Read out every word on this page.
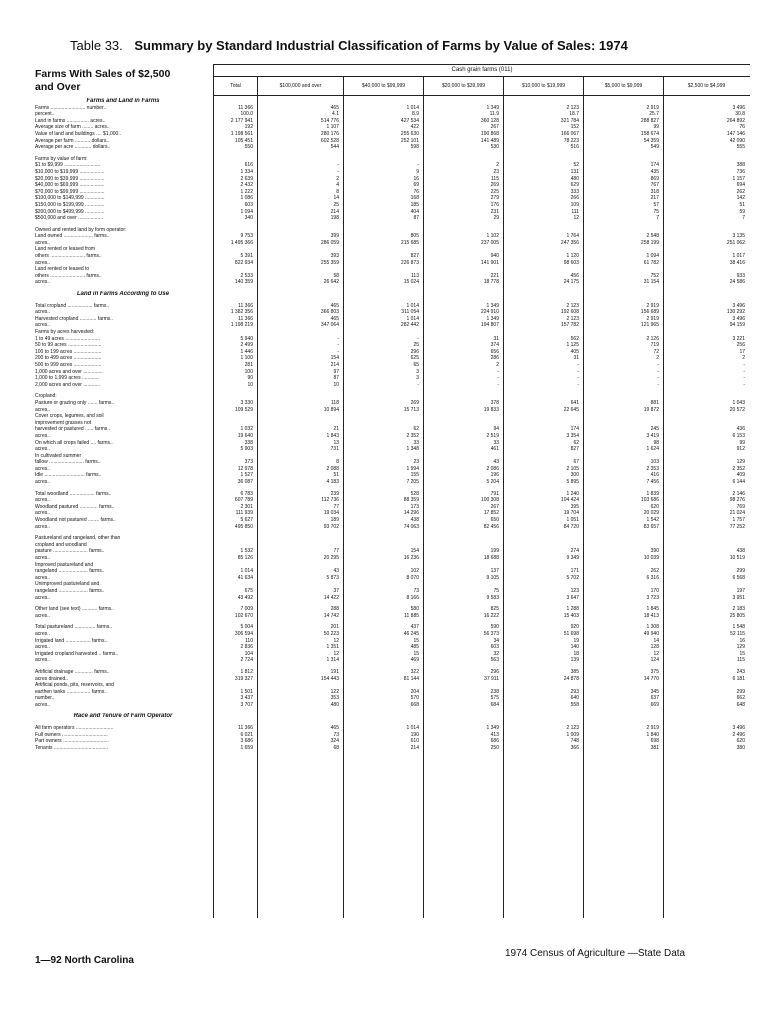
Table 33. Summary by Standard Industrial Classification of Farms by Value of Sales: 1974
Farms With Sales of $2,500 and Over
Cash grain farms (011)
Total	$100,000 and over	$40,000 to $99,999	$20,000 to $39,999	$10,000 to $19,999	$5,000 to $9,999	$2,500 to $4,999
Farms and Land in Farms
Farms ......................... number..	11 366	465	1 014	1 349	2 123	2 919	3 496
percent..	100.0	4.1	8.9	11.9	18.7	25.7	30.8
Land in farms ................ acres..	2 177 941	514 776	427 534	360 128	321 784	288 827	264 892
Average size of farm ........ acres..	192	1 107	422	267	152	99	76
Value of land and buildings .... $1,000..	1 198 561	280 176	255 630	190 868	166 067	158 674	147 146
Average per farm ........... dollars..	105 451	602 528	252 101	141 489	78 223	54 359	42 090
Average per acre ............ dollars..	550	544	598	530	516	549	555
Farms by value of farm:
$1 to $9,999 ..........................	616	-	-	2	52	174	388
$10,000 to $19,999 ..................	1 334	-	9	23	131	435	736
$20,000 to $39,999 ..................	2 639	2	16	115	480	869	1 157
$40,000 to $69,999 ..................	2 432	4	69	269	629	767	694
$70,000 to $99,999 ..................	1 222	8	76	225	333	318	262
$100,000 to $149,999 ..............	1 086	14	168	279	266	217	142
$150,000 to $199,999 ..............	603	25	185	176	109	57	51
$200,000 to $499,999 ..............	1 094	214	404	231	111	75	59
$500,000 and over ..................	340	198	87	29	12	7	7
Owned and rented land by form operator:
Land owned ..................... farms..	9 753	399	805	1 102	1 764	2 548	3 135
acres..	1 495 366	286 059	215 685	237 005	247 356	258 199	251 062
Land rented or leased from
others ......................... farms..	5 391	393	827	940	1 120	1 094	1 017
acres..	822 934	255 359	226 873	141 901	98 603	61 782	38 416
Land rented or leased to
others ......................... farms..	2 533	58	113	221	456	752	933
acres..	140 359	26 642	15 024	18 778	24 175	31 154	24 586
Land in Farms According to Use
Total cropland .................. farms..	11 366	465	1 014	1 349	2 123	2 919	3 496
acres..	1 382 356	366 803	311 054	224 910	192 608	156 689	130 292
Harvested cropland ............ farms..	11 366	465	1 014	1 349	2 123	2 919	3 496
acres..	1 198 219	347 064	282 442	194 807	157 782	121 965	94 159
Farms by acres harvested:
1 to 49 acres .........................	5 940	-	-	31	562	2 126	3 221
50 to 99 acres ........................	2 499	-	25	374	1 125	719	256
100 to 199 acres ....................	1 446	-	296	656	405	72	17
200 to 499 acres ....................	1 100	154	625	286	31	2	2
500 to 999 acres ....................	281	214	65	2	-	-	-
1,000 acres and over ..............	100	97	3	-	-	-	-
1,000 to 1,999 acres ............	90	87	3	-	-	-	-
2,000 acres and over ............	10	10	-	-	-	-	-
Cropland:
Pasture or grazing only ....... farms..	3 330	118	269	378	641	881	1 043
acres..	109 529	10 894	15 713	19 833	22 645	19 872	20 572
Cover crops, legumes, and soil
improvement grasses not
harvested or pastured ...... farms..	1 032	21	62	94	174	245	436
acres..	19 640	1 843	2 352	2 519	3 354	3 419	6 153
On which all crops failed .... farms..	338	13	33	33	62	98	99
acres..	5 903	731	1 348	461	827	1 624	912
In cultivated summer
fallow ......................... farms..	373	8	23	43	67	103	129
acres..	12 978	2 088	1 994	2 086	2 105	2 353	2 352
Idle ............................. farms..	1 527	51	155	196	300	416	409
acres..	36 087	4 183	7 205	5 204	5 895	7 456	6 144
Total woodland .................. farms..	6 783	239	528	791	1 240	1 839	2 146
acres..	607 789	112 736	88 359	100 308	104 424	103 686	98 276
Woodland pastured ............. farms..	2 301	77	173	267	395	620	769
acres..	111 939	19 034	14 296	17 852	19 704	20 029	21 024
Woodland not pastured ........ farms..	5 627	189	438	650	1 051	1 542	1 757
acres..	495 850	93 702	74 063	82 456	84 720	83 657	77 252
Pastureland and rangeland, other than
cropland and woodland
pasture ......................... farms..	1 532	77	154	199	274	390	438
acres..	85 126	20 295	16 236	18 688	9 349	10 039	10 519
Improved pastureland and
rangeland ..................... farms..	1 014	43	102	137	171	262	299
acres..	41 634	5 873	8 070	9 105	5 702	6 316	6 568
Unimproved pastureland and
rangeland ..................... farms..	675	37	73	75	123	170	197
acres..	43 492	14 422	8 166	9 583	3 647	3 723	3 951
Other land (see text) ........... farms..	7 009	288	580	825	1 288	1 845	2 183
acres..	102 670	14 742	11 885	16 222	15 403	18 413	25 805
Total pastureland ............... farms..	5 004	201	437	590	920	1 308	1 548
acres..	306 594	50 223	46 245	56 373	51 698	49 940	52 115
Irrigated land .................. farms..	110	12	15	34	19	14	16
acres..	2 836	1 351	485	603	140	128	129
Irrigated cropland harvested .. farms..	104	12	15	32	18	12	15
acres..	2 724	1 314	469	563	139	124	115
Artificial drainage ............. farms..	1 812	191	322	296	385	375	243
acres drained..	319 327	154 443	81 144	37 911	24 878	14 770	6 181
Artificial ponds, pits, reservoirs, and
earthen tanks ................. farms..	1 501	122	204	238	293	345	299
number..	3 437	353	570	575	640	637	662
acres..	3 707	480	668	684	558	669	648
Race and Tenure of Farm Operator
All farm operators ...........................	11 366	465	1 014	1 349	2 123	2 919	3 496
Full owners .................................	6 021	73	190	413	1 009	1 840	2 496
Part owners .................................	3 686	324	610	686	748	698	620
Tenants .......................................	1 659	68	214	250	366	381	380
1—92 North Carolina
1974 Census of Agriculture —State Data
